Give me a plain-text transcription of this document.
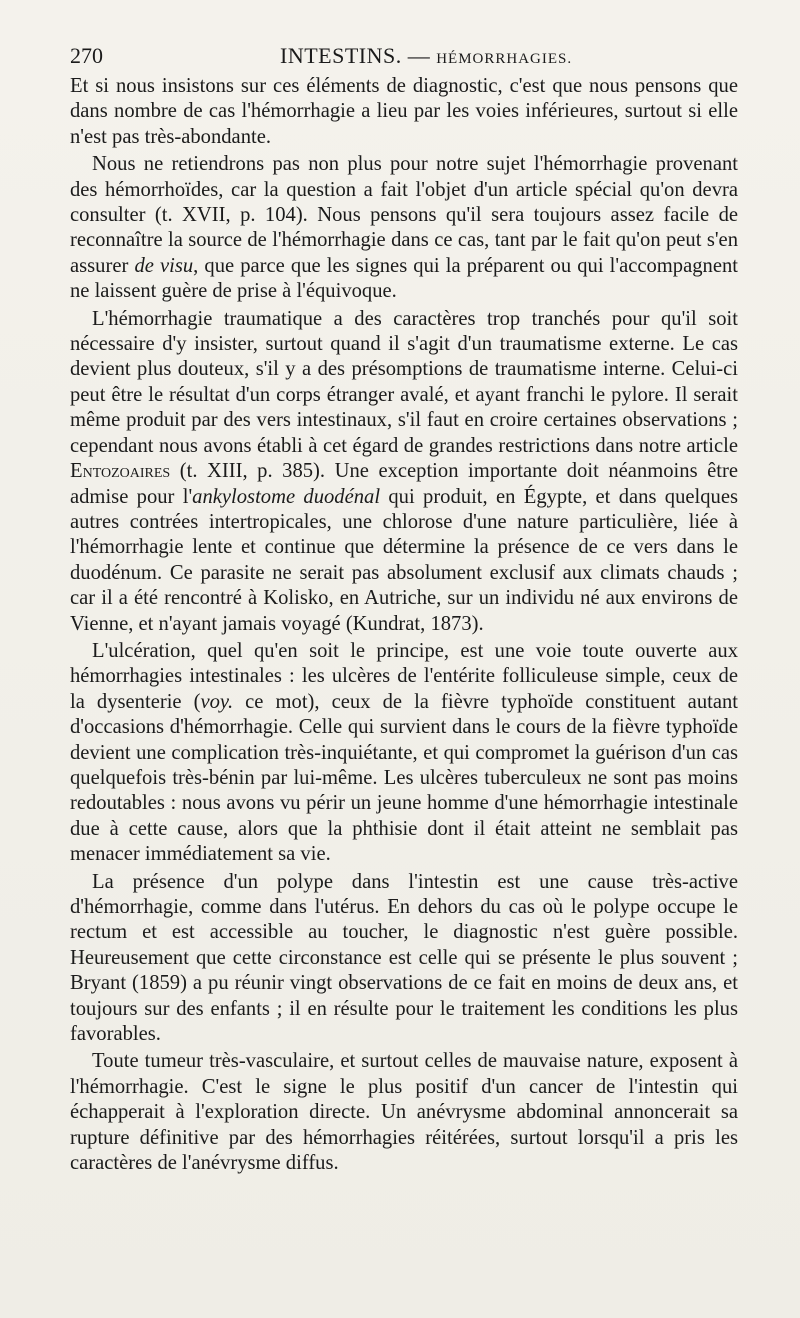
270	INTESTINS. — HÉMORRHAGIES.

Et si nous insistons sur ces éléments de diagnostic, c'est que nous pensons que dans nombre de cas l'hémorrhagie a lieu par les voies inférieures, surtout si elle n'est pas très-abondante.

Nous ne retiendrons pas non plus pour notre sujet l'hémorrhagie provenant des hémorrhoïdes, car la question a fait l'objet d'un article spécial qu'on devra consulter (t. XVII, p. 104). Nous pensons qu'il sera toujours assez facile de reconnaître la source de l'hémorrhagie dans ce cas, tant par le fait qu'on peut s'en assurer de visu, que parce que les signes qui la préparent ou qui l'accompagnent ne laissent guère de prise à l'équivoque.

L'hémorrhagie traumatique a des caractères trop tranchés pour qu'il soit nécessaire d'y insister, surtout quand il s'agit d'un traumatisme externe. Le cas devient plus douteux, s'il y a des présomptions de traumatisme interne. Celui-ci peut être le résultat d'un corps étranger avalé, et ayant franchi le pylore. Il serait même produit par des vers intestinaux, s'il faut en croire certaines observations ; cependant nous avons établi à cet égard de grandes restrictions dans notre article Entozoaires (t. XIII, p. 385). Une exception importante doit néanmoins être admise pour l'ankylostome duodénal qui produit, en Égypte, et dans quelques autres contrées intertropicales, une chlorose d'une nature particulière, liée à l'hémorrhagie lente et continue que détermine la présence de ce vers dans le duodénum. Ce parasite ne serait pas absolument exclusif aux climats chauds ; car il a été rencontré à Kolisko, en Autriche, sur un individu né aux environs de Vienne, et n'ayant jamais voyagé (Kundrat, 1873).

L'ulcération, quel qu'en soit le principe, est une voie toute ouverte aux hémorrhagies intestinales : les ulcères de l'entérite folliculeuse simple, ceux de la dysenterie (voy. ce mot), ceux de la fièvre typhoïde constituent autant d'occasions d'hémorrhagie. Celle qui survient dans le cours de la fièvre typhoïde devient une complication très-inquiétante, et qui compromet la guérison d'un cas quelquefois très-bénin par lui-même. Les ulcères tuberculeux ne sont pas moins redoutables : nous avons vu périr un jeune homme d'une hémorrhagie intestinale due à cette cause, alors que la phthisie dont il était atteint ne semblait pas menacer immédiatement sa vie.

La présence d'un polype dans l'intestin est une cause très-active d'hémorrhagie, comme dans l'utérus. En dehors du cas où le polype occupe le rectum et est accessible au toucher, le diagnostic n'est guère possible. Heureusement que cette circonstance est celle qui se présente le plus souvent ; Bryant (1859) a pu réunir vingt observations de ce fait en moins de deux ans, et toujours sur des enfants ; il en résulte pour le traitement les conditions les plus favorables.

Toute tumeur très-vasculaire, et surtout celles de mauvaise nature, exposent à l'hémorrhagie. C'est le signe le plus positif d'un cancer de l'intestin qui échapperait à l'exploration directe. Un anévrysme abdominal annoncerait sa rupture définitive par des hémorrhagies réitérées, surtout lorsqu'il a pris les caractères de l'anévrysme diffus.
